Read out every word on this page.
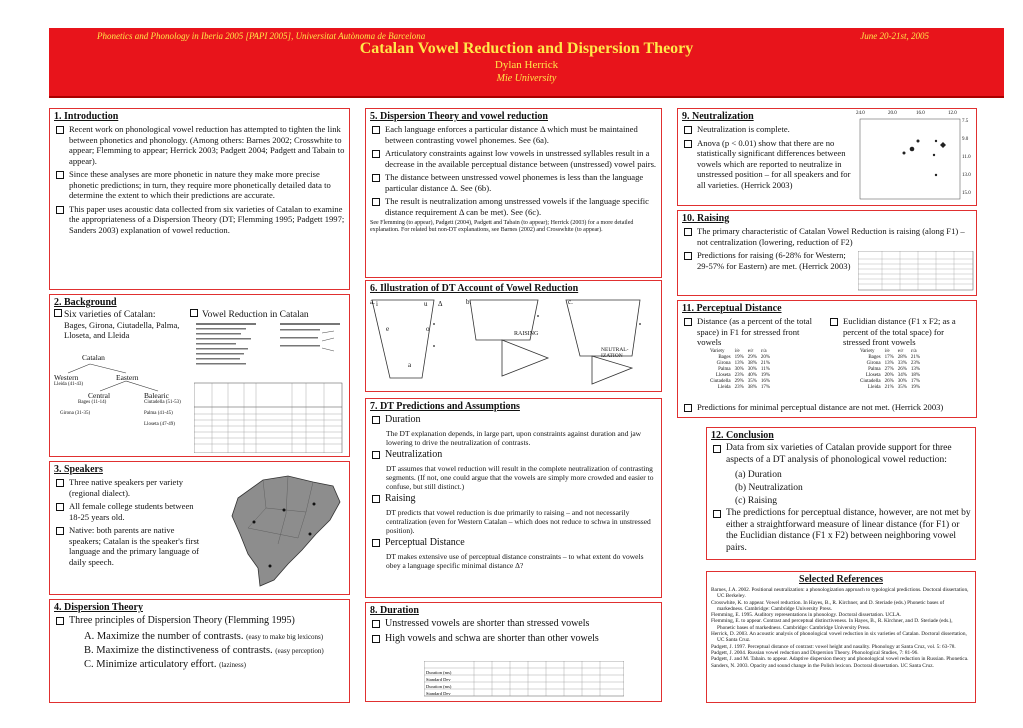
Phonetics and Phonology in Iberia 2005 [PAPI 2005], Universitat Autònoma de Barcelona	June 20-21st, 2005
Catalan Vowel Reduction and Dispersion Theory
Dylan Herrick
Mie University
1. Introduction
Recent work on phonological vowel reduction has attempted to tighten the link between phonetics and phonology. (Among others: Barnes 2002; Crosswhite to appear; Flemming to appear; Herrick 2003; Padgett 2004; Padgett and Tabain to appear).
Since these analyses are more phonetic in nature they make more precise phonetic predictions; in turn, they require more phonetically detailed data to determine the extent to which their predictions are accurate.
This paper uses acoustic data collected from six varieties of Catalan to examine the appropriateness of a Dispersion Theory (DT; Flemming 1995; Padgett 1997; Sanders 2003) explanation of vowel reduction.
2. Background
Six varieties of Catalan:
Bages, Girona, Ciutadella, Palma, Lloseta, and Lleida
Vowel Reduction in Catalan
Catalan
Western	Eastern
Lleida (41-43)
Central	Balearic
Bages (11-14)
Girona (31-35)
Ciutadella (51-53)
Palma (41-45)
Lloseta (47-49)
3. Speakers
Three native speakers per variety (regional dialect).
All female college students between 18-25 years old.
Native: both parents are native speakers; Catalan is the speaker's first language and the primary language of daily speech.
4. Dispersion Theory
Three principles of Dispersion Theory (Flemming 1995)
A. Maximize the number of contrasts. (easy to make big lexicons)
B. Maximize the distinctiveness of contrasts. (easy perception)
C. Minimize articulatory effort. (laziness)
5. Dispersion Theory and vowel reduction
Each language enforces a particular distance Δ which must be maintained between contrasting vowel phonemes. See (6a).
Articulatory constraints against low vowels in unstressed syllables result in a decrease in the available perceptual distance between (unstressed) vowel pairs.
The distance between unstressed vowel phonemes is less than the language particular distance Δ. See (6b).
The result is neutralization among unstressed vowels if the language specific distance requirement Δ can be met). See (6c).
See Flemming (to appear), Padgett (2004), Padgett and Tabain (to appear); Herrick (2003) for a more detailed explanation. For related but non-DT explanations, see Barnes (2002) and Crosswhite (to appear).
6. Illustration of DT Account of Vowel Reduction
i	u Δ
e	o
a
b.
RAISING
c.
NEUTRAL-
IZATION
a.
7. DT Predictions and Assumptions
Duration
The DT explanation depends, in large part, upon constraints against duration and jaw lowering to drive the neutralization of contrasts.
Neutralization
DT assumes that vowel reduction will result in the complete neutralization of contrasting segments. (If not, one could argue that the vowels are simply more crowded and easier to confuse, but still distinct.)
Raising
DT predicts that vowel reduction is due primarily to raising – and not necessarily centralization (even for Western Catalan – which does not reduce to schwa in unstressed position).
Perceptual Distance
DT makes extensive use of perceptual distance constraints – to what extent do vowels obey a language specific minimal distance Δ?
8. Duration
Unstressed vowels are shorter than stressed vowels
High vowels and schwa are shorter than other vowels
Duration (ms)
Standard Dev
Duration (ms)
Standard Dev
9. Neutralization
Neutralization is complete.
Anova (p < 0.01) show that there are no statistically significant differences between vowels which are reported to neutralize in unstressed position – for all speakers and for all varieties. (Herrick 2003)
24.0	20.0	16.0	12.0
7.5
9.0
11.0
13.0
15.0
10. Raising
The primary characteristic of Catalan Vowel Reduction is raising (along F1) – not centralization (lowering, reduction of F2)
Predictions for raising (6-28% for Western; 29-57% for Eastern) are met. (Herrick 2003)
11. Perceptual Distance
Distance (as a percent of the total space) in F1 for stressed front vowels
Euclidian distance (F1 x F2; as a percent of the total space) for stressed front vowels
Variety	i/e	e/ɛ	ɛ/a
Bages	19%	29%	20%
Girona	13%	38%	21%
Palma	30%	30%	11%
Lloseta	23%	40%	19%
Ciutadella	29%	35%	16%
Lleida	23%	38%	17%
Variety	i/e	e/ɛ	ɛ/a
Bages	17%	28%	21%
Girona	13%	33%	23%
Palma	27%	26%	13%
Lloseta	20%	34%	18%
Ciutadella	26%	30%	17%
Lleida	21%	35%	19%
Predictions for minimal perceptual distance are not met. (Herrick 2003)
12. Conclusion
Data from six varieties of Catalan provide support for three aspects of a DT analysis of phonological vowel reduction:
(a) Duration
(b) Neutralization
(c) Raising
The predictions for perceptual distance, however, are not met by either a straightforward measure of linear distance (for F1) or the Euclidian distance (F1 x F2) between neighboring vowel pairs.
Selected References

Barnes, J.A. 2002. Positional neutralization: a phonologization approach to typological predictions. Doctoral dissertation, UC Berkeley.

Crosswhite, K. to appear. Vowel reduction. In Hayes, B., R. Kirchner, and D. Steriade (eds.) Phonetic bases of markedness. Cambridge: Cambridge University Press.

Flemming, E. 1995. Auditory representations in phonology. Doctoral dissertation. UCLA.

Flemming, E. to appear. Contrast and perceptual distinctiveness. In Hayes, B., R. Kirchner, and D. Steriade (eds.), Phonetic bases of markedness. Cambridge: Cambridge University Press.

Herrick, D. 2003. An acoustic analysis of phonological vowel reduction in six varieties of Catalan. Doctoral dissertation, UC Santa Cruz.

Padgett, J. 1997. Perceptual distance of contrast: vowel height and nasality. Phonology at Santa Cruz, vol. 5: 63-78.

Padgett, J. 2004. Russian vowel reduction and Dispersion Theory. Phonological Studies, 7: 81-96.

Padgett, J. and M. Tabain. to appear. Adaptive dispersion theory and phonological vowel reduction in Russian. Phonetica.

Sanders, N. 2003. Opacity and sound change in the Polish lexicon. Doctoral dissertation. UC Santa Cruz.
